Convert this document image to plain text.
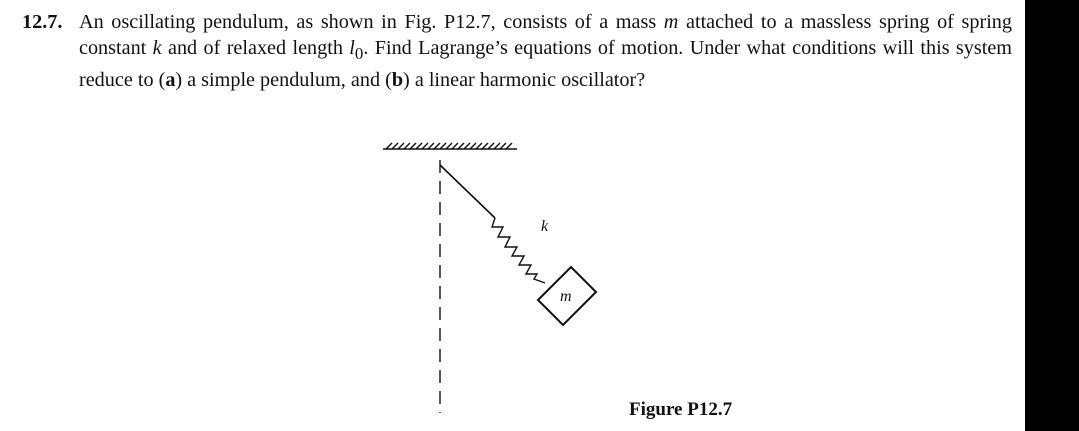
12.7. An oscillating pendulum, as shown in Fig. P12.7, consists of a mass m attached to a massless spring of spring constant k and of relaxed length $l_0$. Find Lagrange’s equations of motion. Under what conditions will this system reduce to (a) a simple pendulum, and (b) a linear harmonic oscillator?
k
m
Figure P12.7
